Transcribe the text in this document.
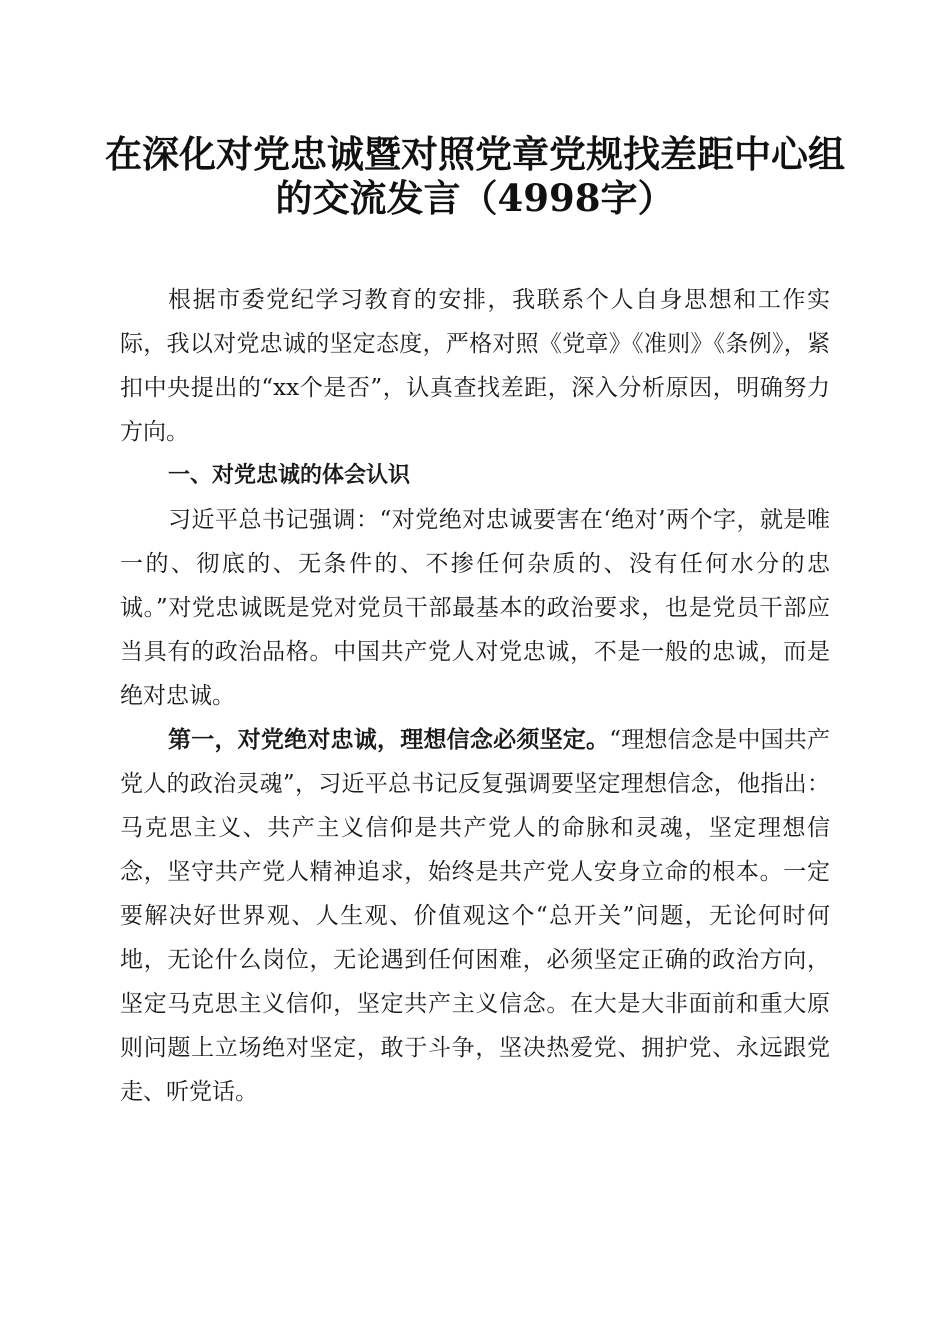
在深化对党忠诚暨对照党章党规找差距中心组
的交流发言（4998字）

根据市委党纪学习教育的安排，我联系个人自身思想和工作实际，我以对党忠诚的坚定态度，严格对照《党章》《准则》《条例》，紧扣中央提出的“xx个是否”，认真查找差距，深入分析原因，明确努力方向。

一、对党忠诚的体会认识

习近平总书记强调：“对党绝对忠诚要害在‘绝对’两个字，就是唯一的、彻底的、无条件的、不掺任何杂质的、没有任何水分的忠诚。”对党忠诚既是党对党员干部最基本的政治要求，也是党员干部应当具有的政治品格。中国共产党人对党忠诚，不是一般的忠诚，而是绝对忠诚。

第一，对党绝对忠诚，理想信念必须坚定。“理想信念是中国共产党人的政治灵魂”，习近平总书记反复强调要坚定理想信念，他指出：马克思主义、共产主义信仰是共产党人的命脉和灵魂，坚定理想信念，坚守共产党人精神追求，始终是共产党人安身立命的根本。一定要解决好世界观、人生观、价值观这个“总开关”问题，无论何时何地，无论什么岗位，无论遇到任何困难，必须坚定正确的政治方向，坚定马克思主义信仰，坚定共产主义信念。在大是大非面前和重大原则问题上立场绝对坚定，敢于斗争，坚决热爱党、拥护党、永远跟党走、听党话。
